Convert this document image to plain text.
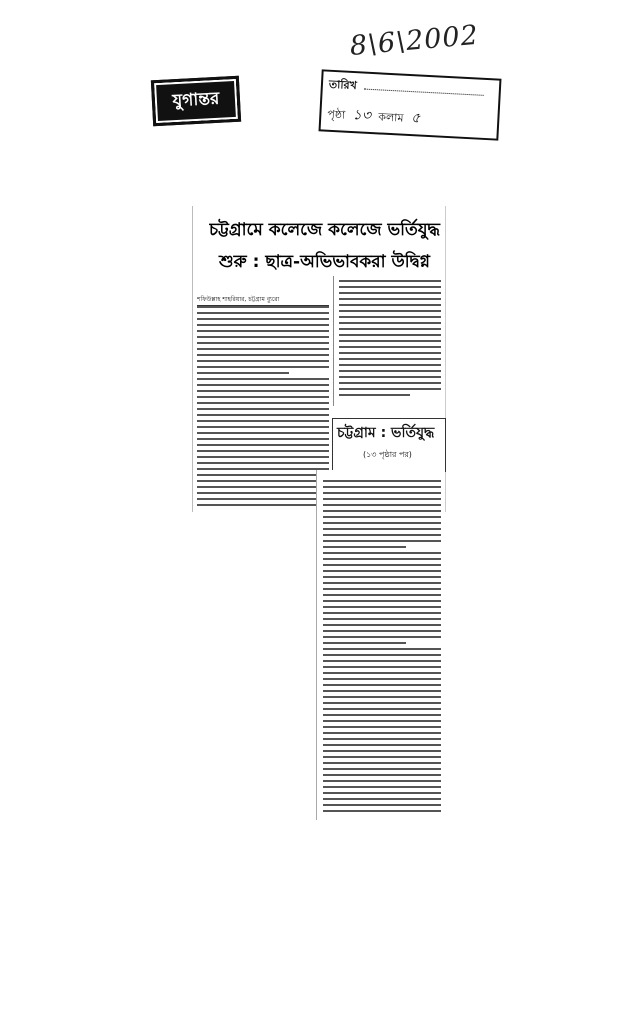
8\6\2002
যুগান্তর
তারিখ
পৃষ্ঠা ১৩ কলাম ৫
চট্টগ্রামে কলেজে কলেজে ভর্তিযুদ্ধ
শুরু : ছাত্র-অভিভাবকরা উদ্বিগ্ন
শফিউল্লাহ শাহরিয়ার, চট্টগ্রাম ব্যুরো
চট্টগ্রাম : ভর্তিযুদ্ধ
(১৩ পৃষ্ঠার পর)
